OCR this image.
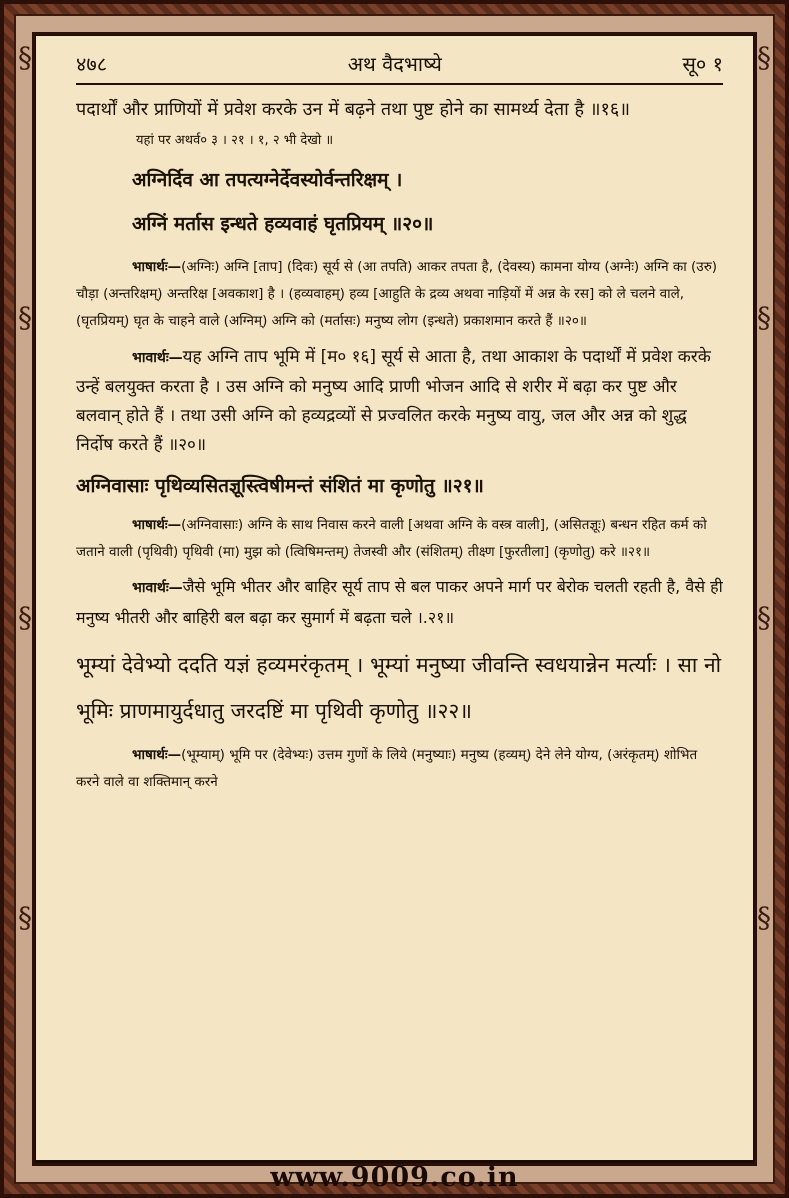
§
§
§
§
§
§
§
§
४७८	अथ वैदभाष्ये	सू० १

पदार्थों और प्राणियों में प्रवेश करके उन में बढ़ने तथा पुष्ट होने का सामर्थ्य देता है ॥१६॥

यहां पर अथर्व० ३ । २१ । १, २ भी देखो ॥

अग्निर्दिव आ तपत्यग्नेर्देवस्योर्वन्तरिक्षम् ।

अग्निं मर्तास इन्धते हव्यवाहं घृतप्रियम् ॥२०॥

भाषार्थः—(अग्निः) अग्नि [ताप] (दिवः) सूर्य से (आ तपति) आकर तपता है, (देवस्य) कामना योग्य (अग्नेः) अग्नि का (उरु) चौड़ा (अन्तरिक्षम्) अन्तरिक्ष [अवकाश] है । (हव्यवाहम्) हव्य [आहुति के द्रव्य अथवा नाड़ियों में अन्न के रस] को ले चलने वाले, (घृतप्रियम्) घृत के चाहने वाले (अग्निम्) अग्नि को (मर्तासः) मनुष्य लोग (इन्धते) प्रकाशमान करते हैं ॥२०॥

भावार्थः—यह अग्नि ताप भूमि में [म० १६] सूर्य से आता है, तथा आकाश के पदार्थों में प्रवेश करके उन्हें बलयुक्त करता है । उस अग्नि को मनुष्य आदि प्राणी भोजन आदि से शरीर में बढ़ा कर पुष्ट और बलवान् होते हैं । तथा उसी अग्नि को हव्यद्रव्यों से प्रज्वलित करके मनुष्य वायु, जल और अन्न को शुद्ध निर्दोष करते हैं ॥२०॥

अग्निवासाः पृथिव्यसितज्ञूस्त्विषीमन्तं संशितं मा कृणोतु ॥२१॥

भाषार्थः—(अग्निवासाः) अग्नि के साथ निवास करने वाली [अथवा अग्नि के वस्त्र वाली], (असितज्ञूः) बन्धन रहित कर्म को जताने वाली (पृथिवी) पृथिवी (मा) मुझ को (त्विषिमन्तम्) तेजस्वी और (संशितम्) तीक्ष्ण [फुरतीला] (कृणोतु) करे ॥२१॥

भावार्थः—जैसे भूमि भीतर और बाहिर सूर्य ताप से बल पाकर अपने मार्ग पर बेरोक चलती रहती है, वैसे ही मनुष्य भीतरी और बाहिरी बल बढ़ा कर सुमार्ग में बढ़ता चले ।.२१॥

भूम्यां देवेभ्यो ददति यज्ञं हव्यमरंकृतम् । भूम्यां मनुष्या जीवन्ति स्वधयान्नेन मर्त्याः । सा नो भूमिः प्राणमायुर्दधातु जरदष्टिं मा पृथिवी कृणोतु ॥२२॥

भाषार्थः—(भूम्याम्) भूमि पर (देवेभ्यः) उत्तम गुणों के लिये (मनुष्याः) मनुष्य (हव्यम्) देने लेने योग्य, (अरंकृतम्) शोभित करने वाले वा शक्तिमान् करने

www.9009.co.in
